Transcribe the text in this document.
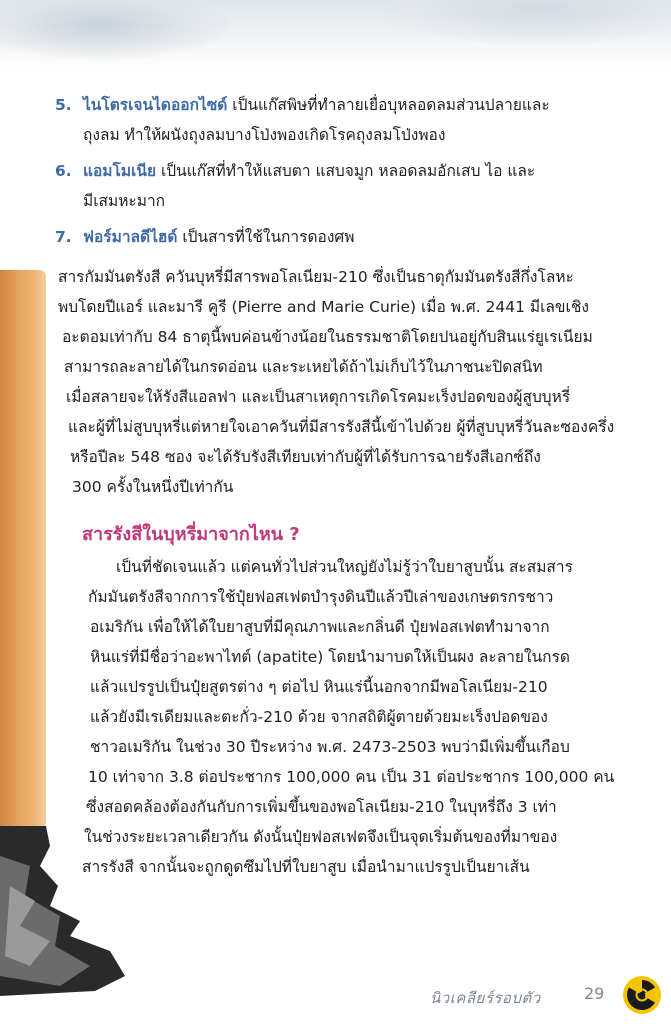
5. ไนโตรเจนไดออกไซด์ เป็นแก๊สพิษที่ทำลายเยื่อบุหลอดลมส่วนปลายและ
ถุงลม ทำให้ผนังถุงลมบางโป่งพองเกิดโรคถุงลมโป่งพอง
6. แอมโมเนีย เป็นแก๊สที่ทำให้แสบตา แสบจมูก หลอดลมอักเสบ ไอ และ
มีเสมหะมาก
7. ฟอร์มาลดีไฮด์ เป็นสารที่ใช้ในการดองศพ
สารกัมมันตรังสี ควันบุหรี่มีสารพอโลเนียม-210 ซึ่งเป็นธาตุกัมมันตรังสีกึ่งโลหะ
พบโดยปีแอร์ และมารี คูรี (Pierre and Marie Curie) เมื่อ พ.ศ. 2441 มีเลขเชิง
อะตอมเท่ากับ 84 ธาตุนี้พบค่อนข้างน้อยในธรรมชาติโดยปนอยู่กับสินแร่ยูเรเนียม
สามารถละลายได้ในกรดอ่อน และระเหยได้ถ้าไม่เก็บไว้ในภาชนะปิดสนิท
เมื่อสลายจะให้รังสีแอลฟา และเป็นสาเหตุการเกิดโรคมะเร็งปอดของผู้สูบบุหรี่
และผู้ที่ไม่สูบบุหรี่แต่หายใจเอาควันที่มีสารรังสีนี้เข้าไปด้วย ผู้ที่สูบบุหรี่วันละซองครึ่ง
หรือปีละ 548 ซอง จะได้รับรังสีเทียบเท่ากับผู้ที่ได้รับการฉายรังสีเอกซ์ถึง
300 ครั้งในหนึ่งปีเท่ากัน
สารรังสีในบุหรี่มาจากไหน ?
เป็นที่ชัดเจนแล้ว แต่คนทั่วไปส่วนใหญ่ยังไม่รู้ว่าใบยาสูบนั้น สะสมสาร
กัมมันตรังสีจากการใช้ปุ๋ยฟอสเฟตบำรุงดินปีแล้วปีเล่าของเกษตรกรชาว
อเมริกัน เพื่อให้ได้ใบยาสูบที่มีคุณภาพและกลิ่นดี ปุ๋ยฟอสเฟตทำมาจาก
หินแร่ที่มีชื่อว่าอะพาไทต์ (apatite) โดยนำมาบดให้เป็นผง ละลายในกรด
แล้วแปรรูปเป็นปุ๋ยสูตรต่าง ๆ ต่อไป หินแร่นี้นอกจากมีพอโลเนียม-210
แล้วยังมีเรเดียมและตะกั่ว-210 ด้วย จากสถิติผู้ตายด้วยมะเร็งปอดของ
ชาวอเมริกัน ในช่วง 30 ปีระหว่าง พ.ศ. 2473-2503 พบว่ามีเพิ่มขึ้นเกือบ
10 เท่าจาก 3.8 ต่อประชากร 100,000 คน เป็น 31 ต่อประชากร 100,000 คน
ซึ่งสอดคล้องต้องกันกับการเพิ่มขึ้นของพอโลเนียม-210 ในบุหรี่ถึง 3 เท่า
ในช่วงระยะเวลาเดียวกัน ดังนั้นปุ๋ยฟอสเฟตจึงเป็นจุดเริ่มต้นของที่มาของ
สารรังสี จากนั้นจะถูกดูดซึมไปที่ใบยาสูบ เมื่อนำมาแปรรูปเป็นยาเส้น
นิวเคลียร์รอบตัว	29
